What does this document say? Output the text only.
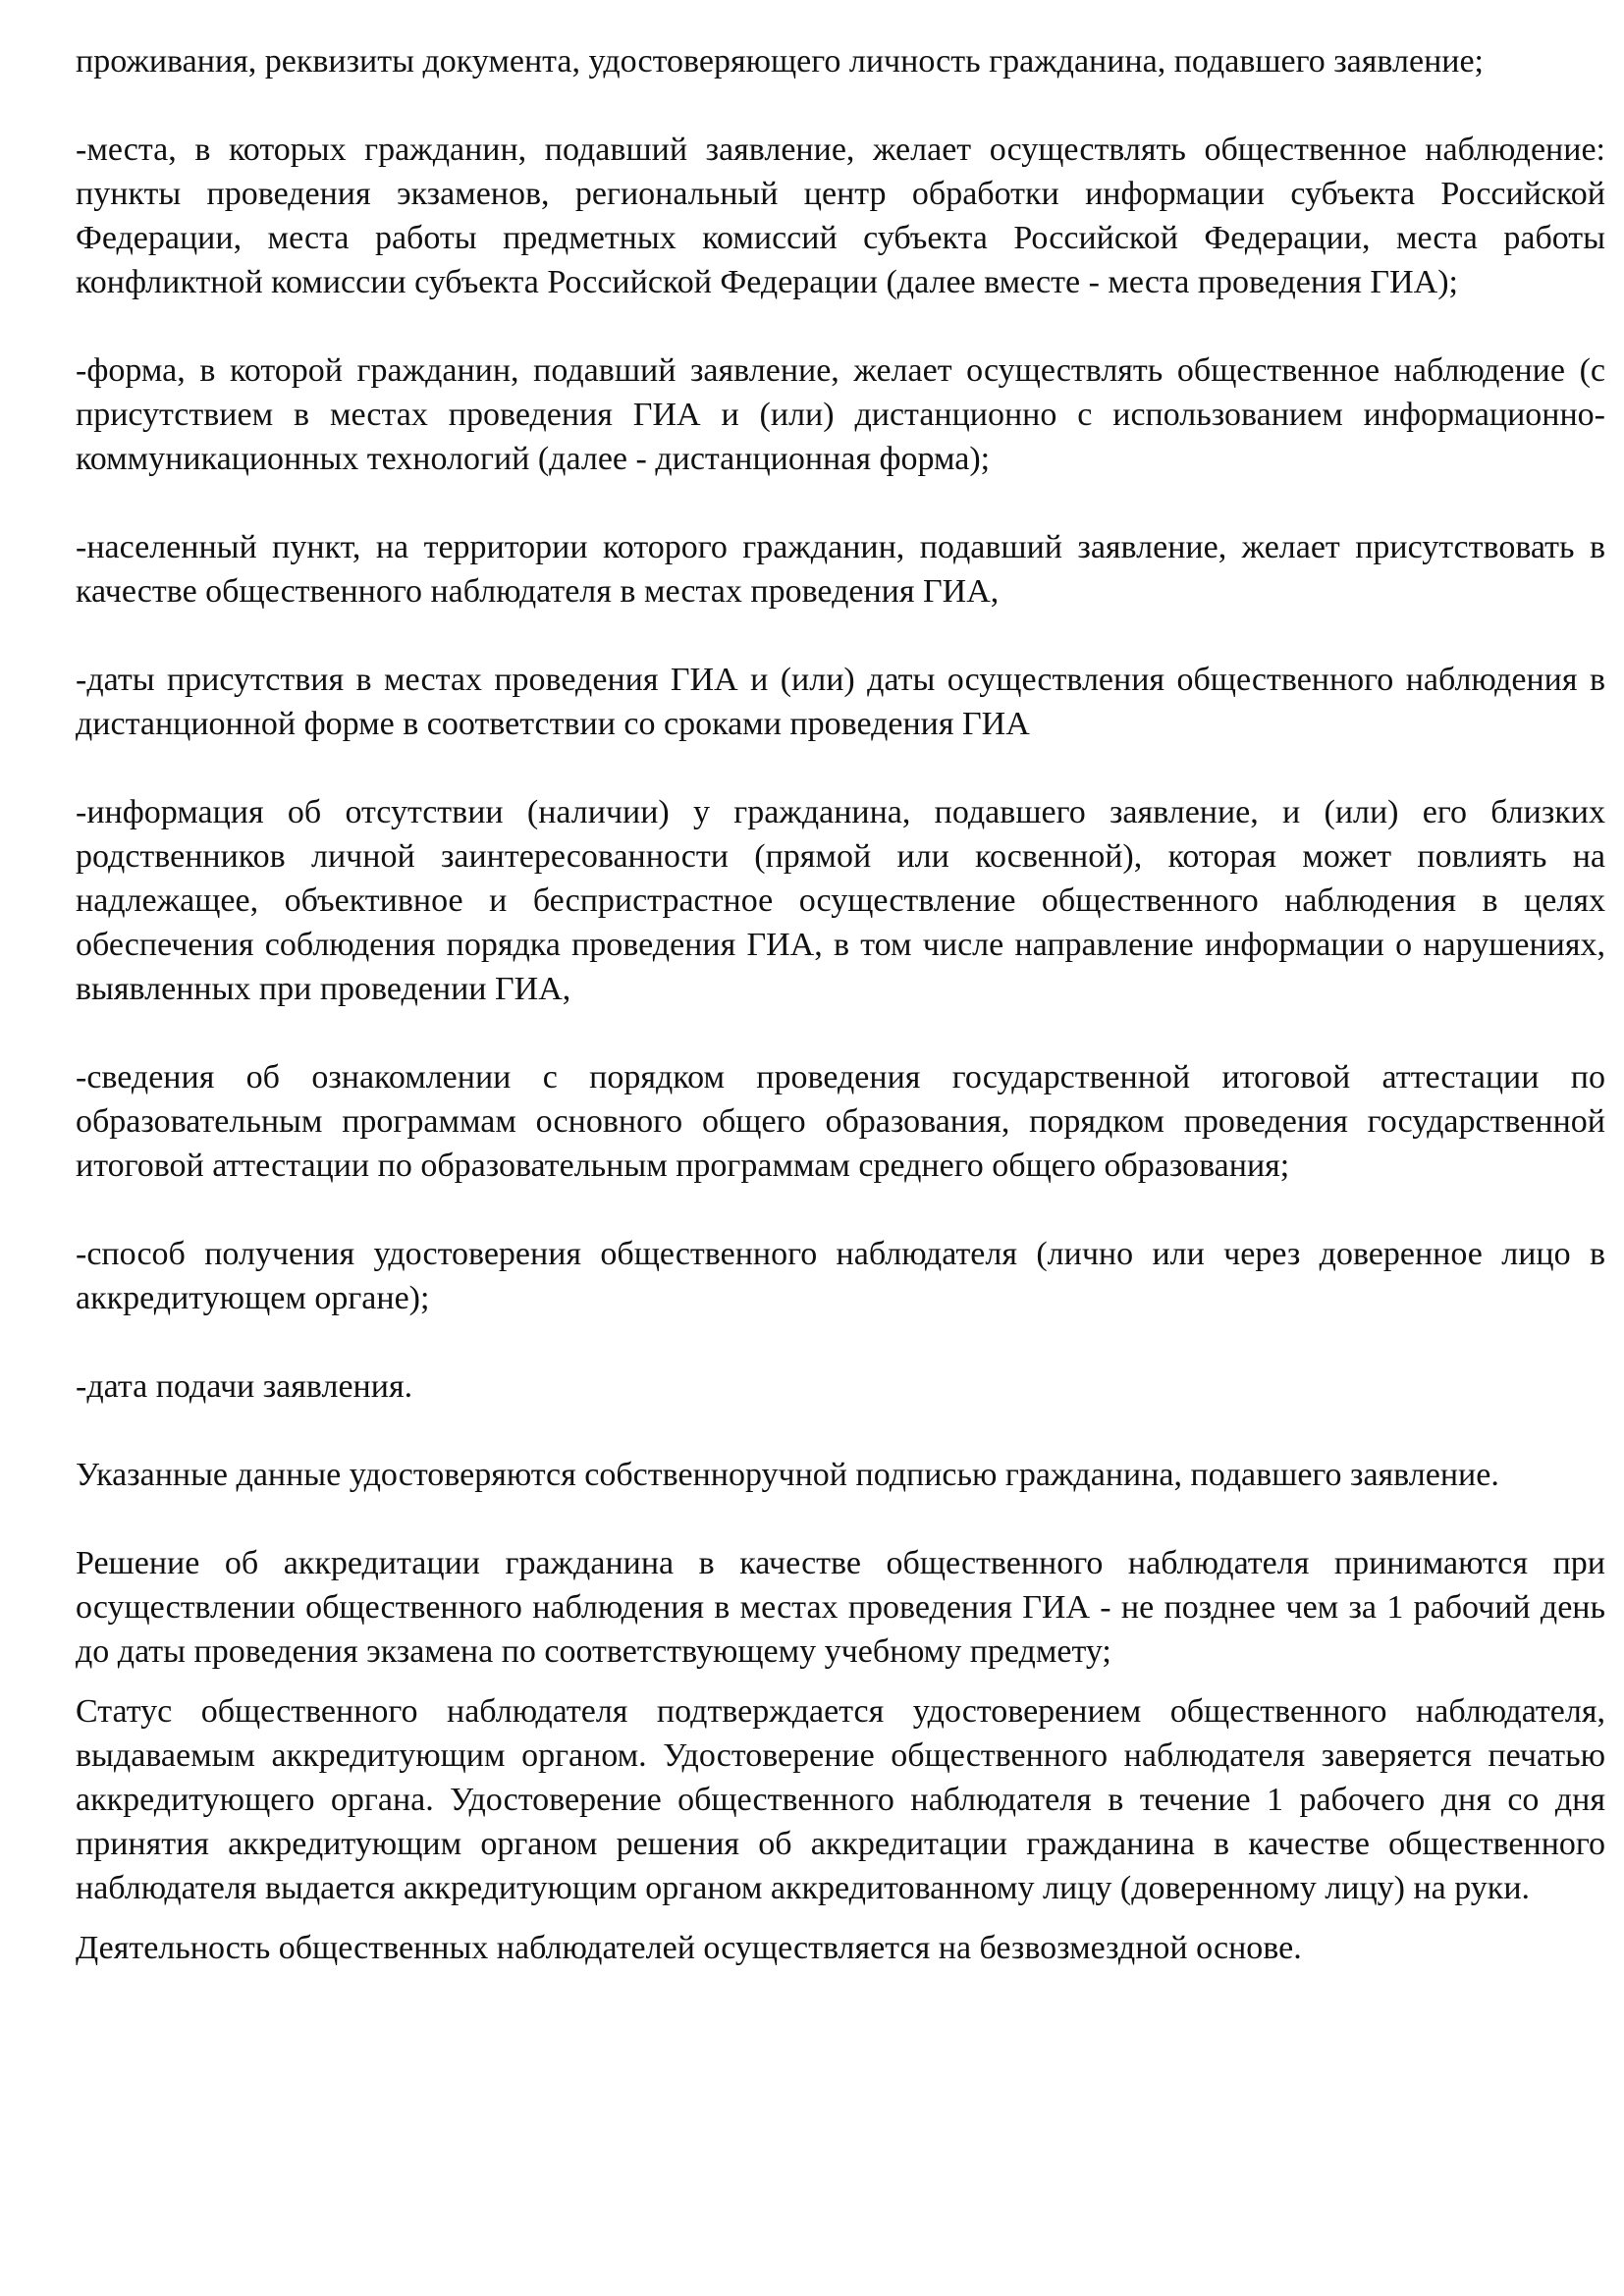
проживания, реквизиты документа, удостоверяющего личность гражданина, подавшего заявление;

-места, в которых гражданин, подавший заявление, желает осуществлять общественное наблюдение: пункты проведения экзаменов, региональный центр обработки информации субъекта Российской Федерации, места работы предметных комиссий субъекта Российской Федерации, места работы конфликтной комиссии субъекта Российской Федерации (далее вместе - места проведения ГИА);

-форма, в которой гражданин, подавший заявление, желает осуществлять общественное наблюдение (с присутствием в местах проведения ГИА и (или) дистанционно с использованием информационно-коммуникационных технологий (далее - дистанционная форма);

-населенный пункт, на территории которого гражданин, подавший заявление, желает присутствовать в качестве общественного наблюдателя в местах проведения ГИА,

-даты присутствия в местах проведения ГИА и (или) даты осуществления общественного наблюдения в дистанционной форме в соответствии со сроками проведения ГИА

-информация об отсутствии (наличии) у гражданина, подавшего заявление, и (или) его близких родственников личной заинтересованности (прямой или косвенной), которая может повлиять на надлежащее, объективное и беспристрастное осуществление общественного наблюдения в целях обеспечения соблюдения порядка проведения ГИА, в том числе направление информации о нарушениях, выявленных при проведении ГИА,

-сведения об ознакомлении с порядком проведения государственной итоговой аттестации по образовательным программам основного общего образования, порядком проведения государственной итоговой аттестации по образовательным программам среднего общего образования;

-способ получения удостоверения общественного наблюдателя (лично или через доверенное лицо в аккредитующем органе);

-дата подачи заявления.

Указанные данные удостоверяются собственноручной подписью гражданина, подавшего заявление.

Решение об аккредитации гражданина в качестве общественного наблюдателя принимаются при осуществлении общественного наблюдения в местах проведения ГИА - не позднее чем за 1 рабочий день до даты проведения экзамена по соответствующему учебному предмету;

Статус общественного наблюдателя подтверждается удостоверением общественного наблюдателя, выдаваемым аккредитующим органом. Удостоверение общественного наблюдателя заверяется печатью аккредитующего органа. Удостоверение общественного наблюдателя в течение 1 рабочего дня со дня принятия аккредитующим органом решения об аккредитации гражданина в качестве общественного наблюдателя выдается аккредитующим органом аккредитованному лицу (доверенному лицу) на руки.

Деятельность общественных наблюдателей осуществляется на безвозмездной основе.
